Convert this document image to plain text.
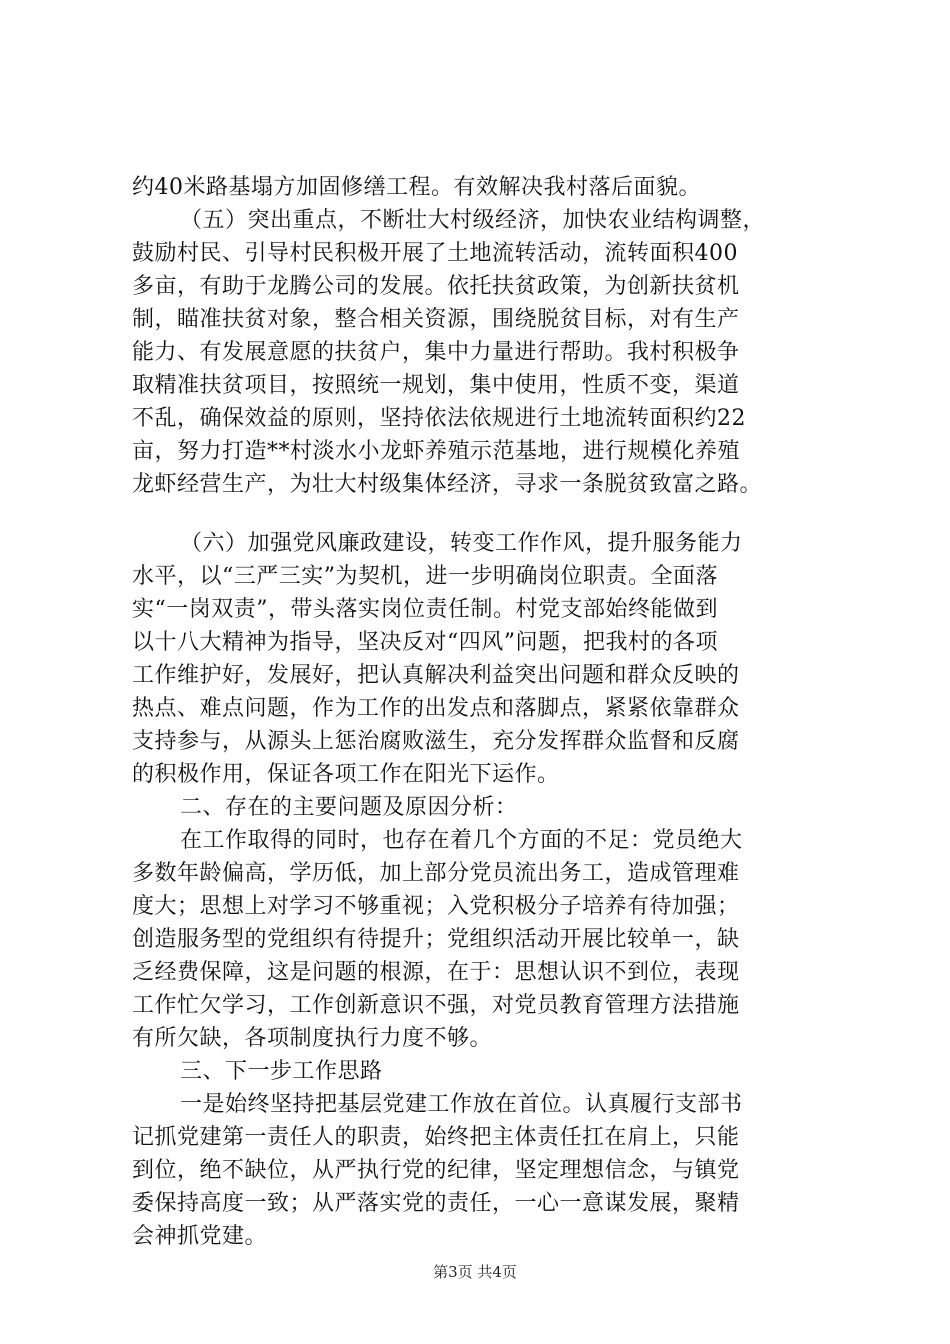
约40米路基塌方加固修缮工程。有效解决我村落后面貌。
（五）突出重点，不断壮大村级经济，加快农业结构调整，
鼓励村民、引导村民积极开展了土地流转活动，流转面积400
多亩，有助于龙腾公司的发展。依托扶贫政策，为创新扶贫机
制，瞄准扶贫对象，整合相关资源，围绕脱贫目标，对有生产
能力、有发展意愿的扶贫户，集中力量进行帮助。我村积极争
取精准扶贫项目，按照统一规划，集中使用，性质不变，渠道
不乱，确保效益的原则，坚持依法依规进行土地流转面积约22
亩，努力打造**村淡水小龙虾养殖示范基地，进行规模化养殖
龙虾经营生产，为壮大村级集体经济，寻求一条脱贫致富之路。
（六）加强党风廉政建设，转变工作作风，提升服务能力
水平，以“三严三实”为契机，进一步明确岗位职责。全面落
实“一岗双责”，带头落实岗位责任制。村党支部始终能做到
以十八大精神为指导，坚决反对“四风”问题，把我村的各项
工作维护好，发展好，把认真解决利益突出问题和群众反映的
热点、难点问题，作为工作的出发点和落脚点，紧紧依靠群众
支持参与，从源头上惩治腐败滋生，充分发挥群众监督和反腐
的积极作用，保证各项工作在阳光下运作。
二、存在的主要问题及原因分析：
在工作取得的同时，也存在着几个方面的不足：党员绝大
多数年龄偏高，学历低，加上部分党员流出务工，造成管理难
度大；思想上对学习不够重视；入党积极分子培养有待加强；
创造服务型的党组织有待提升；党组织活动开展比较单一，缺
乏经费保障，这是问题的根源，在于：思想认识不到位，表现
工作忙欠学习，工作创新意识不强，对党员教育管理方法措施
有所欠缺，各项制度执行力度不够。
三、下一步工作思路
一是始终坚持把基层党建工作放在首位。认真履行支部书
记抓党建第一责任人的职责，始终把主体责任扛在肩上，只能
到位，绝不缺位，从严执行党的纪律，坚定理想信念，与镇党
委保持高度一致；从严落实党的责任，一心一意谋发展，聚精
会神抓党建。
第3页 共4页
